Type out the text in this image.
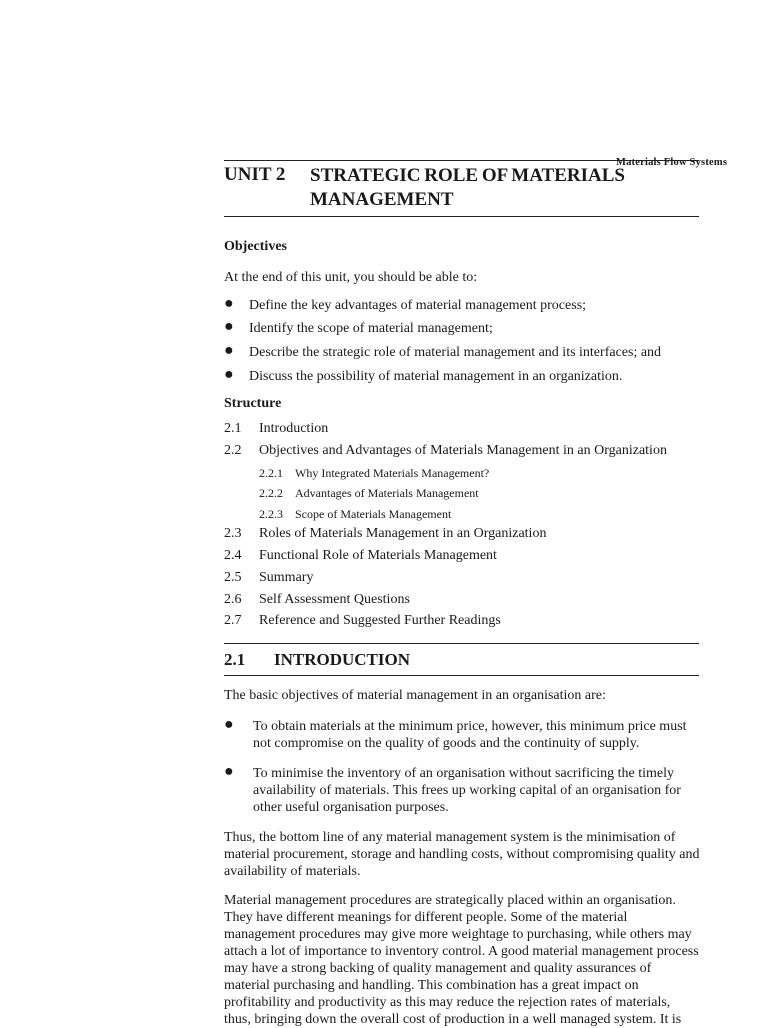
Materials Flow Systems
UNIT 2 STRATEGIC ROLE OF MATERIALS
MANAGEMENT
Objectives
At the end of this unit, you should be able to:
● Define the key advantages of material management process;
● Identify the scope of material management;
● Describe the strategic role of material management and its interfaces; and
● Discuss the possibility of material management in an organization.
Structure
2.1 Introduction
2.2 Objectives and Advantages of Materials Management in an Organization
2.2.1 Why Integrated Materials Management?
2.2.2 Advantages of Materials Management
2.2.3 Scope of Materials Management
2.3 Roles of Materials Management in an Organization
2.4 Functional Role of Materials Management
2.5 Summary
2.6 Self Assessment Questions
2.7 Reference and Suggested Further Readings
2.1 INTRODUCTION
The basic objectives of material management in an organisation are:
● To obtain materials at the minimum price, however, this minimum price must not compromise on the quality of goods and the continuity of supply.
● To minimise the inventory of an organisation without sacrificing the timely availability of materials. This frees up working capital of an organisation for other useful organisation purposes.
Thus, the bottom line of any material management system is the minimisation of material procurement, storage and handling costs, without compromising quality and availability of materials.
Material management procedures are strategically placed within an organisation. They have different meanings for different people. Some of the material management procedures may give more weightage to purchasing, while others may attach a lot of importance to inventory control. A good material management process may have a strong backing of quality management and quality assurances of material purchasing and handling. This combination has a great impact on profitability and productivity as this may reduce the rejection rates of materials, thus, bringing down the overall cost of production in a well managed system. It is
